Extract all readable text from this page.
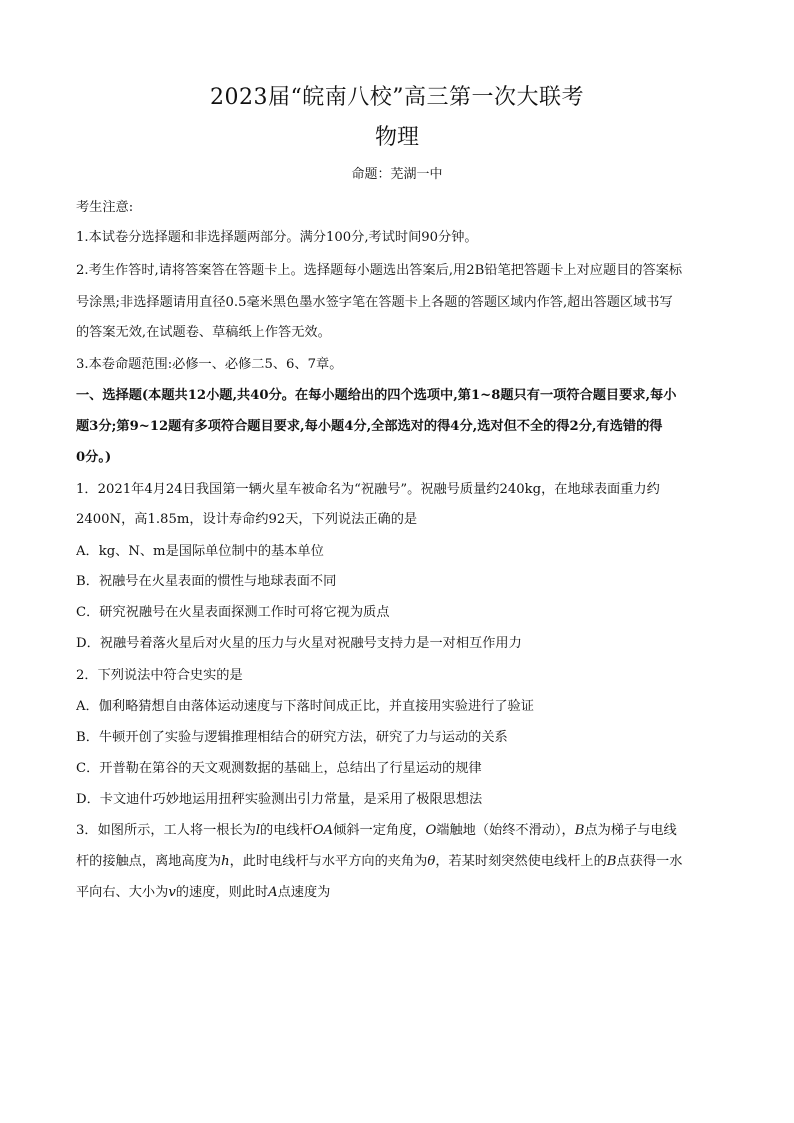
2023届“皖南八校”高三第一次大联考
物理
命题：芜湖一中
考生注意:
1.本试卷分选择题和非选择题两部分。满分100分,考试时间90分钟。
2.考生作答时,请将答案答在答题卡上。选择题每小题选出答案后,用2B铅笔把答题卡上对应题目的答案标
号涂黑;非选择题请用直径0.5毫米黑色墨水签字笔在答题卡上各题的答题区域内作答,超出答题区域书写
的答案无效,在试题卷、草稿纸上作答无效。
3.本卷命题范围:必修一、必修二5、6、7章。
一、选择题(本题共12小题,共40分。在每小题给出的四个选项中,第1~8题只有一项符合题目要求,每小
题3分;第9~12题有多项符合题目要求,每小题4分,全部选对的得4分,选对但不全的得2分,有选错的得
0分。)
1．2021年4月24日我国第一辆火星车被命名为“祝融号”。祝融号质量约240kg，在地球表面重力约
2400N，高1.85m，设计寿命约92天，下列说法正确的是
A．kg、N、m是国际单位制中的基本单位
B．祝融号在火星表面的惯性与地球表面不同
C．研究祝融号在火星表面探测工作时可将它视为质点
D．祝融号着落火星后对火星的压力与火星对祝融号支持力是一对相互作用力
2．下列说法中符合史实的是
A．伽利略猜想自由落体运动速度与下落时间成正比，并直接用实验进行了验证
B．牛顿开创了实验与逻辑推理相结合的研究方法，研究了力与运动的关系
C．开普勒在第谷的天文观测数据的基础上，总结出了行星运动的规律
D．卡文迪什巧妙地运用扭秤实验测出引力常量，是采用了极限思想法
3．如图所示，工人将一根长为l的电线杆OA倾斜一定角度，O端触地（始终不滑动），B点为梯子与电线
杆的接触点，离地高度为h，此时电线杆与水平方向的夹角为θ，若某时刻突然使电线杆上的B点获得一水
平向右、大小为v的速度，则此时A点速度为
